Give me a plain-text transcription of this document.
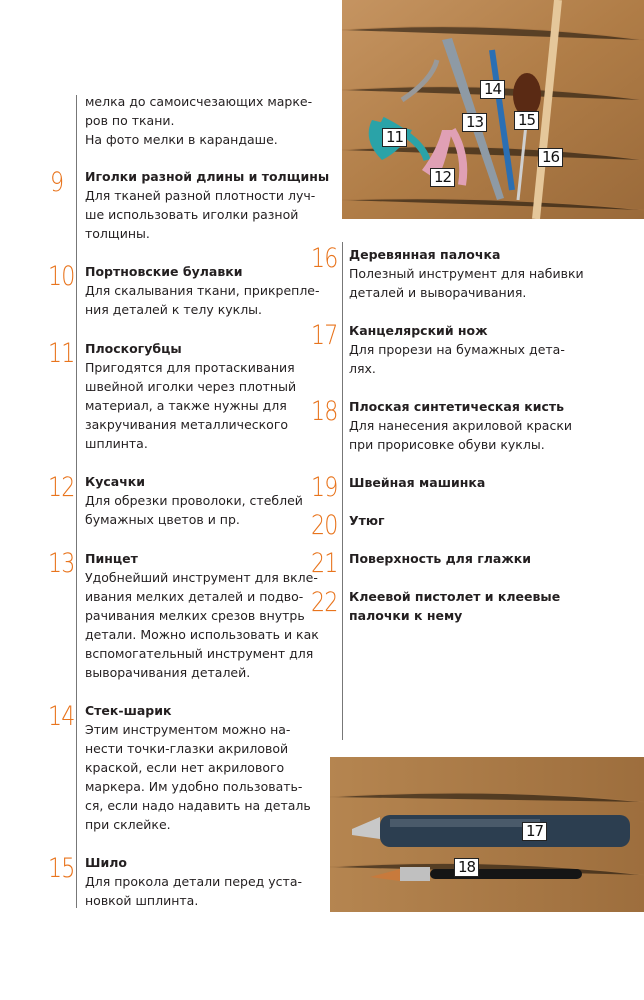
мелка до самоисчезающих марке-

ров по ткани.

На фото мелки в карандаше.

9	Иголки разной длины и толщины

Для тканей разной плотности луч-

ше использовать иголки разной

толщины.

10 Портновские булавки

Для скалывания ткани, прикрепле-

ния деталей к телу куклы.

11 Плоскогубцы

Пригодятся для протаскивания

швейной иголки через плотный

материал, а также нужны для

закручивания металлического

шплинта.

12 Кусачки

Для обрезки проволоки, стеблей

бумажных цветов и пр.

13 Пинцет

Удобнейший инструмент для вкле-

ивания мелких деталей и подво-

рачивания мелких срезов внутрь

детали. Можно использовать и как

вспомогательный инструмент для

выворачивания деталей.

14 Стек-шарик

Этим инструментом можно на-

нести точки-глазки акриловой

краской, если нет акрилового

маркера. Им удобно пользовать-

ся, если надо надавить на деталь

при склейке.

15 Шило

Для прокола детали перед уста-

новкой шплинта.

16 Деревянная палочка

Полезный инструмент для набивки

деталей и выворачивания.

17 Канцелярский нож

Для прорези на бумажных дета-

лях.

18 Плоская синтетическая кисть

Для нанесения акриловой краски

при прорисовке обуви куклы.

19 Швейная машинка

20 Утюг

21 Поверхность для глажки

22 Клеевой пистолет и клеевые палочки к нему

11
12
13
14
15
16
17
18
